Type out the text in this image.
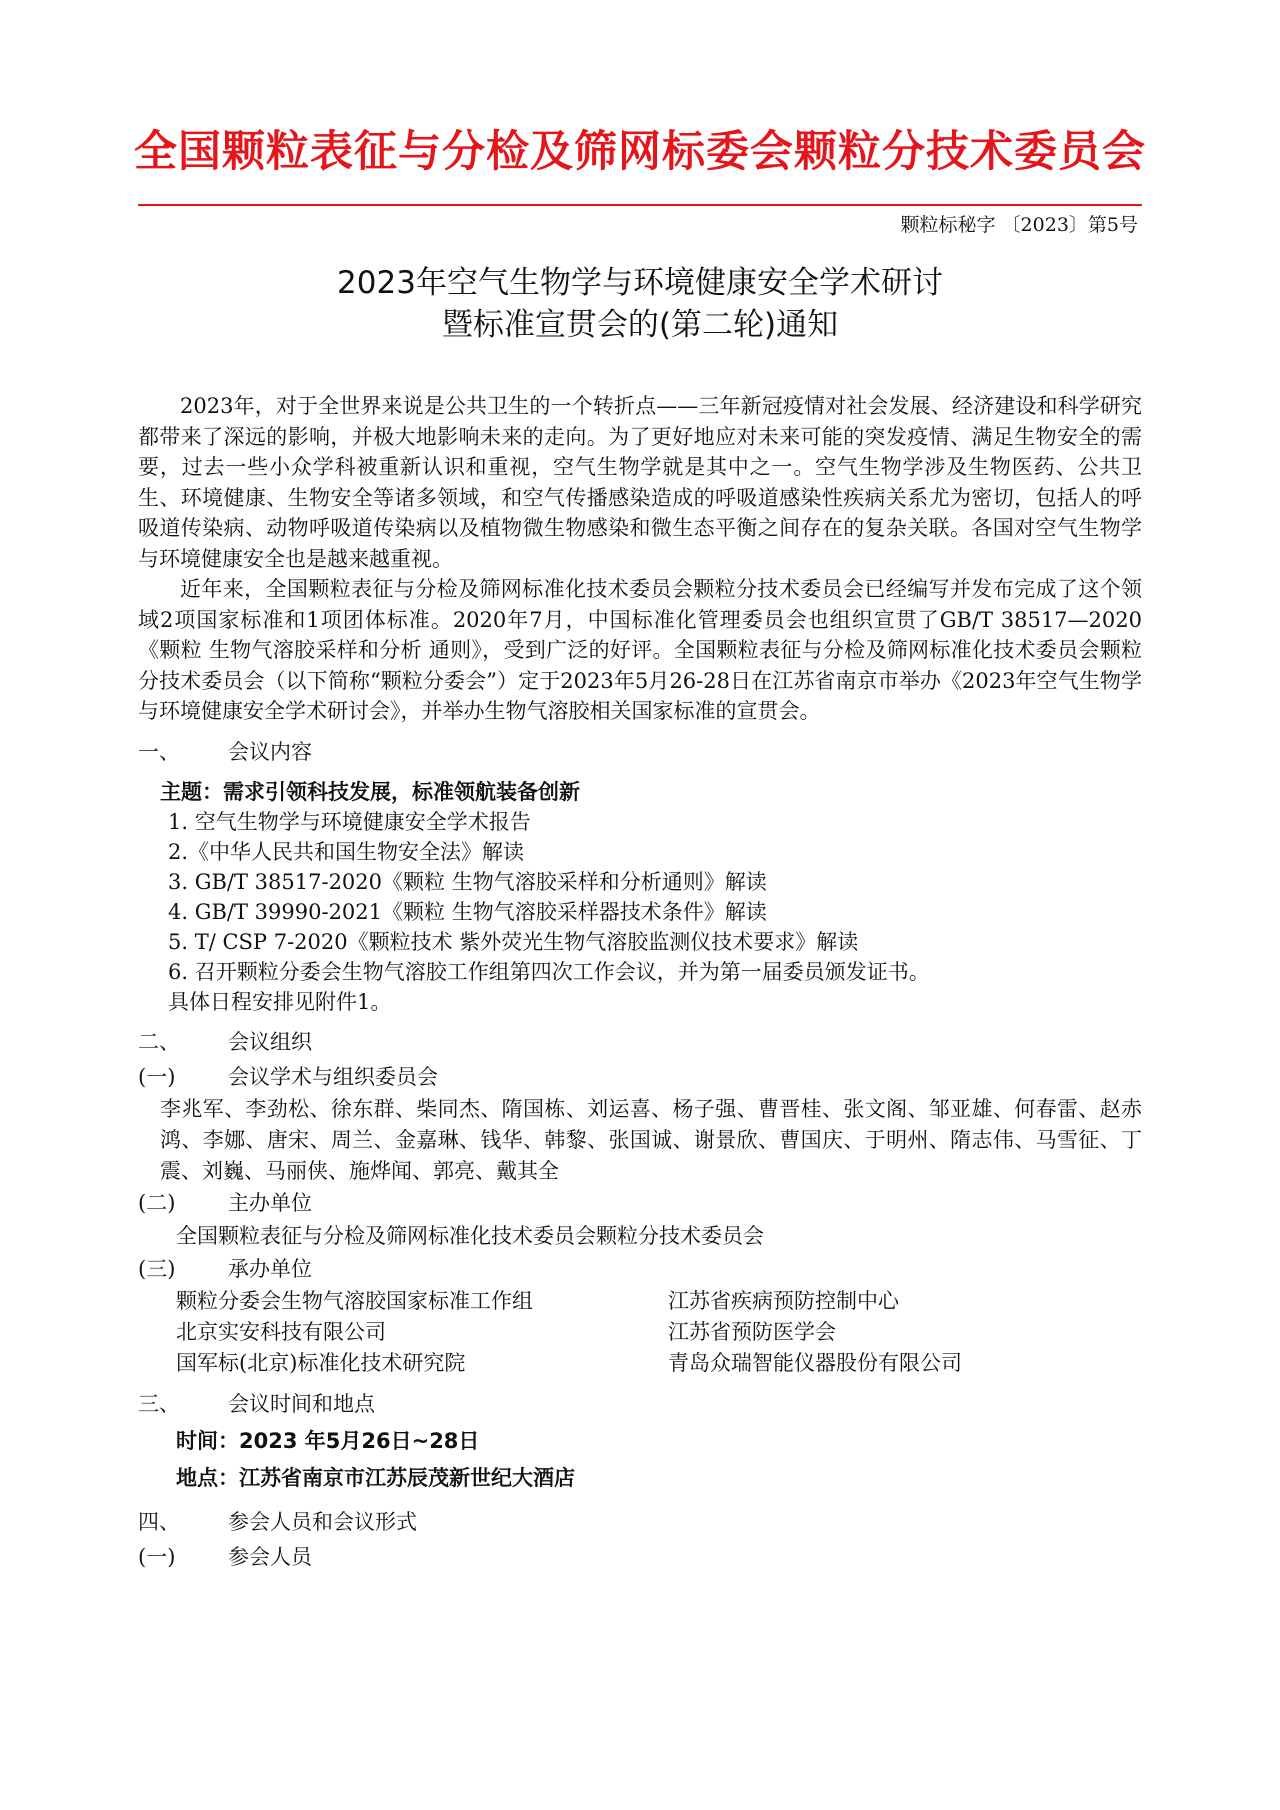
全国颗粒表征与分检及筛网标委会颗粒分技术委员会
颗粒标秘字 〔2023〕第5号
2023年空气生物学与环境健康安全学术研讨
暨标准宣贯会的(第二轮)通知

2023年，对于全世界来说是公共卫生的一个转折点——三年新冠疫情对社会发展、经济建设和科学研究都带来了深远的影响，并极大地影响未来的走向。为了更好地应对未来可能的突发疫情、满足生物安全的需要，过去一些小众学科被重新认识和重视，空气生物学就是其中之一。空气生物学涉及生物医药、公共卫生、环境健康、生物安全等诸多领域，和空气传播感染造成的呼吸道感染性疾病关系尤为密切，包括人的呼吸道传染病、动物呼吸道传染病以及植物微生物感染和微生态平衡之间存在的复杂关联。各国对空气生物学与环境健康安全也是越来越重视。

近年来，全国颗粒表征与分检及筛网标准化技术委员会颗粒分技术委员会已经编写并发布完成了这个领域2项国家标准和1项团体标准。2020年7月，中国标准化管理委员会也组织宣贯了GB/T 38517—2020《颗粒 生物气溶胶采样和分析 通则》，受到广泛的好评。全国颗粒表征与分检及筛网标准化技术委员会颗粒分技术委员会（以下简称“颗粒分委会”）定于2023年5月26-28日在江苏省南京市举办《2023年空气生物学与环境健康安全学术研讨会》，并举办生物气溶胶相关国家标准的宣贯会。

一、 会议内容
主题：需求引领科技发展，标准领航装备创新
1. 空气生物学与环境健康安全学术报告
2.《中华人民共和国生物安全法》解读
3. GB/T 38517-2020《颗粒 生物气溶胶采样和分析通则》解读
4. GB/T 39990-2021《颗粒 生物气溶胶采样器技术条件》解读
5. T/ CSP 7-2020《颗粒技术 紫外荧光生物气溶胶监测仪技术要求》解读
6. 召开颗粒分委会生物气溶胶工作组第四次工作会议，并为第一届委员颁发证书。
具体日程安排见附件1。
二、 会议组织
(一)	会议学术与组织委员会
李兆军、李劲松、徐东群、柴同杰、隋国栋、刘运喜、杨子强、曹晋桂、张文阁、邹亚雄、何春雷、赵赤鸿、李娜、唐宋、周兰、金嘉琳、钱华、韩黎、张国诚、谢景欣、曹国庆、于明州、隋志伟、马雪征、丁震、刘巍、马丽侠、施烨闻、郭亮、戴其全
(二)	主办单位
全国颗粒表征与分检及筛网标准化技术委员会颗粒分技术委员会
(三)	承办单位
颗粒分委会生物气溶胶国家标准工作组	江苏省疾病预防控制中心
北京实安科技有限公司	江苏省预防医学会
国军标(北京)标准化技术研究院	青岛众瑞智能仪器股份有限公司
三、 会议时间和地点
时间：2023 年5月26日~28日
地点：江苏省南京市江苏辰茂新世纪大酒店
四、 参会人员和会议形式
(一)	参会人员
